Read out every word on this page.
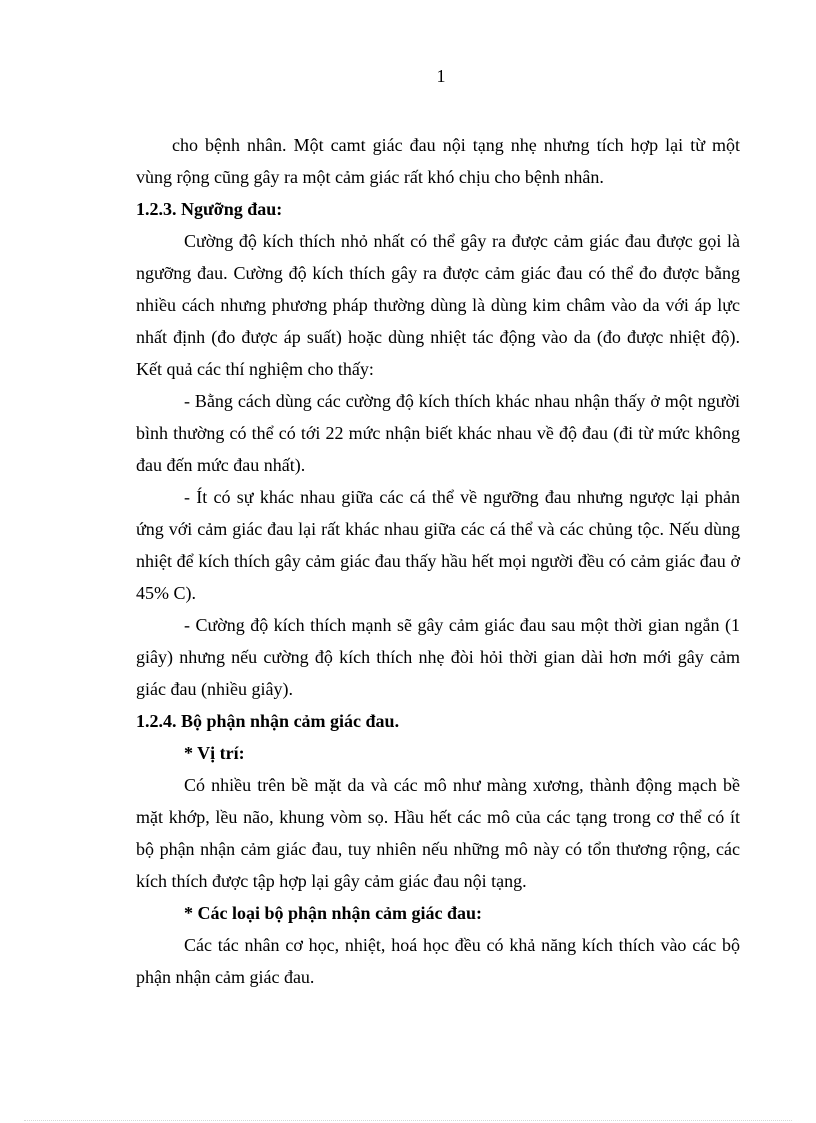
1

cho bệnh nhân. Một camt giác đau nội tạng nhẹ nhưng tích hợp lại từ một vùng rộng cũng gây ra một cảm giác rất khó chịu cho bệnh nhân.

1.2.3. Ngưỡng đau:

Cường độ kích thích nhỏ nhất có thể gây ra được cảm giác đau được gọi là ngưỡng đau. Cường độ kích thích gây ra được cảm giác đau có thể đo được bằng nhiều cách nhưng phương pháp thường dùng là dùng kim châm vào da với áp lực nhất định (đo được áp suất) hoặc dùng nhiệt tác động vào da (đo được nhiệt độ). Kết quả các thí nghiệm cho thấy:

- Bằng cách dùng các cường độ kích thích khác nhau nhận thấy ở một người bình thường có thể có tới 22 mức nhận biết khác nhau về độ đau (đi từ mức không đau đến mức đau nhất).

- Ít có sự khác nhau giữa các cá thể về ngưỡng đau nhưng ngược lại phản ứng với cảm giác đau lại rất khác nhau giữa các cá thể và các chủng tộc. Nếu dùng nhiệt để kích thích gây cảm giác đau thấy hầu hết mọi người đều có cảm giác đau ở 45% C).

- Cường độ kích thích mạnh sẽ gây cảm giác đau sau một thời gian ngắn (1 giây) nhưng nếu cường độ kích thích nhẹ đòi hỏi thời gian dài hơn mới gây cảm giác đau (nhiều giây).

1.2.4. Bộ phận nhận cảm giác đau.

* Vị trí:

Có nhiều trên bề mặt da và các mô như màng xương, thành động mạch bề mặt khớp, lều não, khung vòm sọ. Hầu hết các mô của các tạng trong cơ thể có ít bộ phận nhận cảm giác đau, tuy nhiên nếu những mô này có tổn thương rộng, các kích thích được tập hợp lại gây cảm giác đau nội tạng.

* Các loại bộ phận nhận cảm giác đau:

Các tác nhân cơ học, nhiệt, hoá học đều có khả năng kích thích vào các bộ phận nhận cảm giác đau.
